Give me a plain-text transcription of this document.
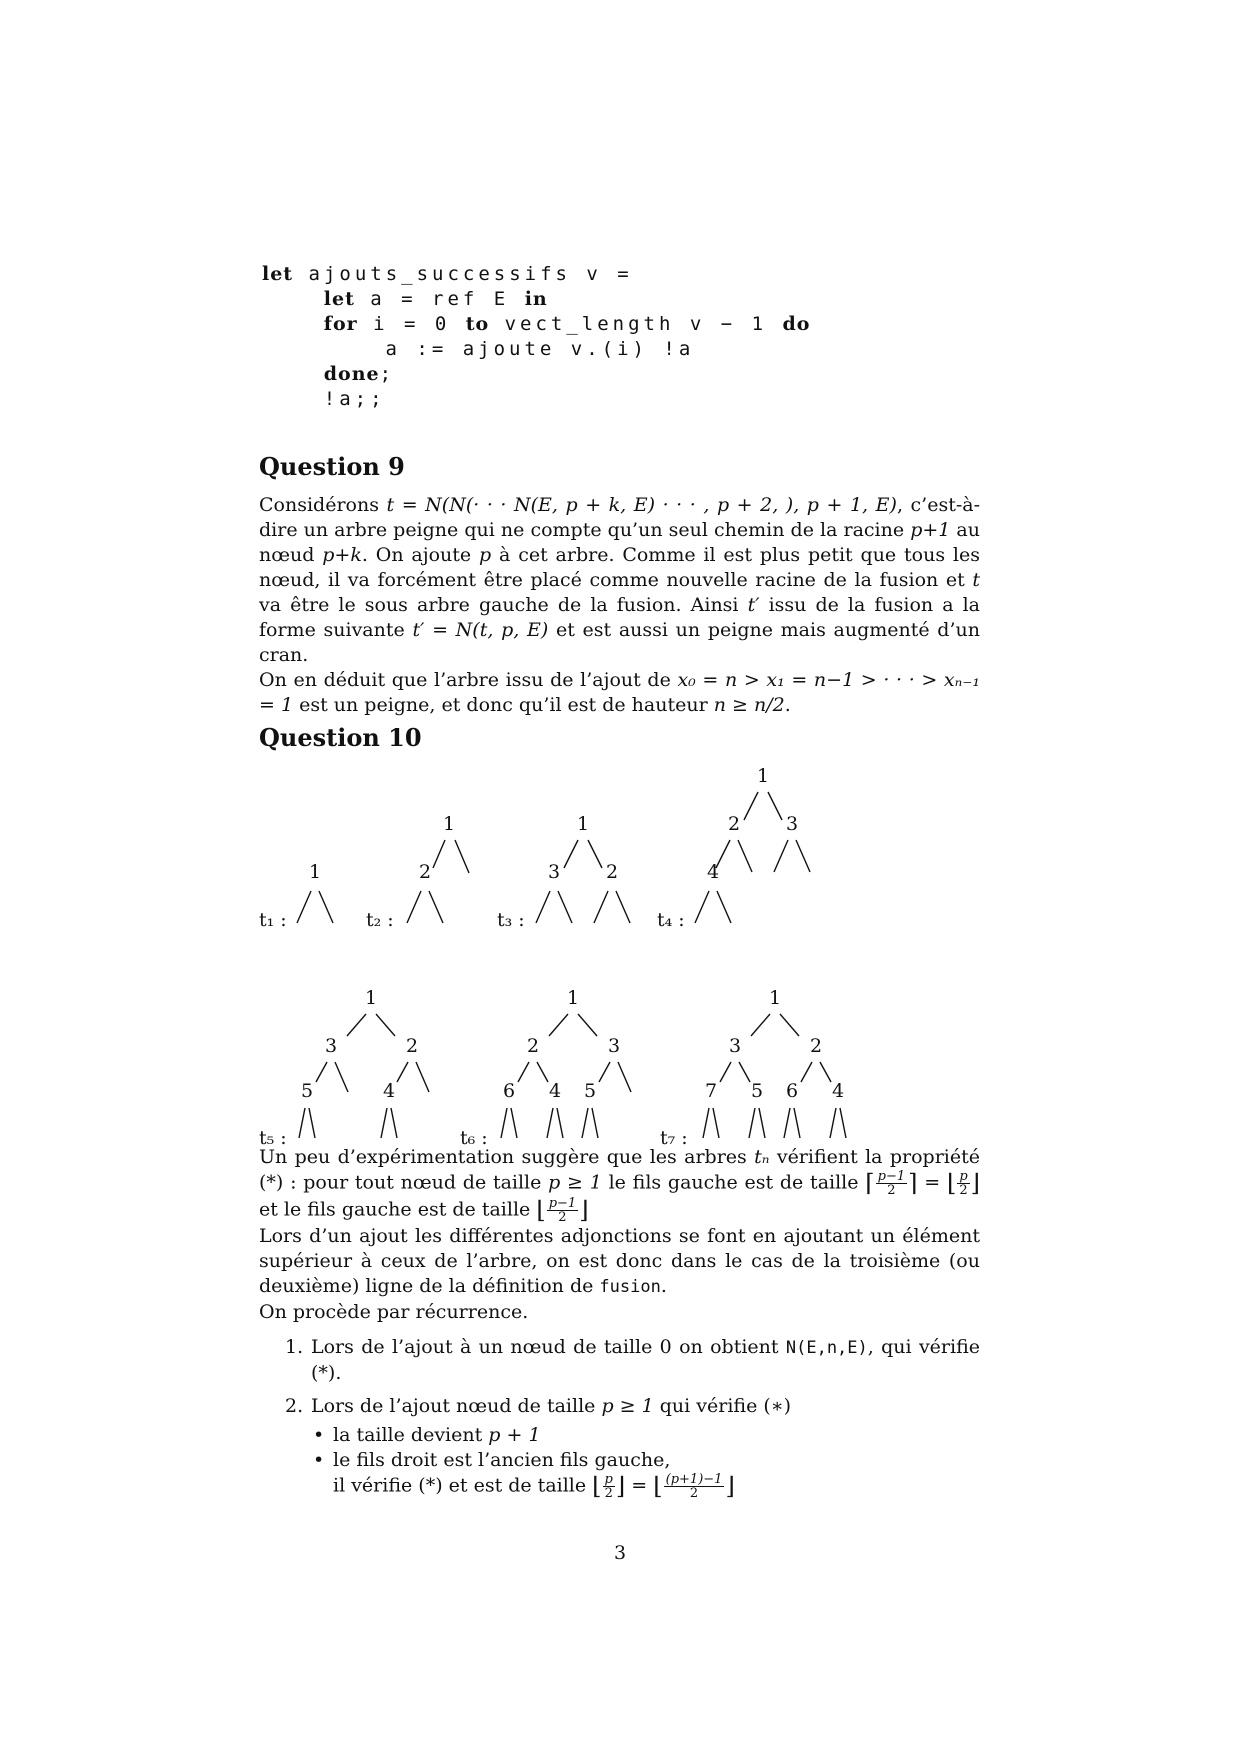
let ajouts_successifs v =
let a = ref E in
for i = 0 to vect_length v − 1 do
a := ajoute v.(i) !a
done;
!a;;
Question 9

Considérons t = N(N(· · · N(E, p + k, E) · · · , p + 2, ), p + 1, E), c’est-à-dire un arbre peigne qui ne compte qu’un seul chemin de la racine p+1 au nœud p+k. On ajoute p à cet arbre. Comme il est plus petit que tous les nœud, il va forcément être placé comme nouvelle racine de la fusion et t va être le sous arbre gauche de la fusion. Ainsi t′ issu de la fusion a la forme suivante t′ = N(t, p, E) et est aussi un peigne mais augmenté d’un cran.

On en déduit que l’arbre issu de l’ajout de x₀ = n > x₁ = n−1 > · · · > xₙ₋₁ = 1 est un peigne, et donc qu’il est de hauteur n ≥ n/2.

Question 10
t₁ :
1
t₂ :
1
2
t₃ :
1
3 2
t₄ :
1
2 3
4
t₅ :
1
3	2
5	4
t₆ :
1
2	3
6 4 5
t₇ :
1
3	2
7 5 6 4

Un peu d’expérimentation suggère que les arbres tₙ vérifient la propriété (*) : pour tout nœud de taille p ≥ 1 le fils gauche est de taille ⌈ $\frac{p-1}{2}$ ⌉ = ⌊ $\frac{p}{2}$ ⌋ et le fils gauche est de taille ⌊ $\frac{p-1}{2}$ ⌋

Lors d’un ajout les différentes adjonctions se font en ajoutant un élément supérieur à ceux de l’arbre, on est donc dans le cas de la troisième (ou deuxième) ligne de la définition de fusion.

On procède par récurrence.

1. Lors de l’ajout à un nœud de taille 0 on obtient N(E,n,E), qui vérifie (*).
2. Lors de l’ajout nœud de taille p ≥ 1 qui vérifie (∗)
• la taille devient p + 1
• le fils droit est l’ancien fils gauche,
il vérifie (*) et est de taille ⌊ $\frac{p}{2}$ ⌋ = ⌊ $\frac{(p+1)-1}{2}$ ⌋
3
